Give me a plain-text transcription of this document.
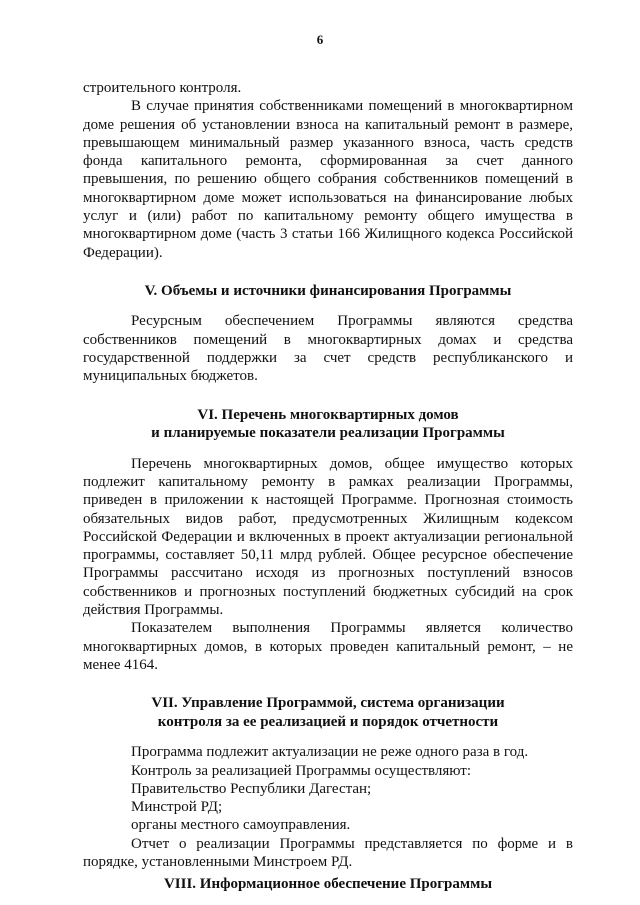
6

строительного контроля.

В случае принятия собственниками помещений в многоквартирном доме решения об установлении взноса на капитальный ремонт в размере, превышающем минимальный размер указанного взноса, часть средств фонда капитального ремонта, сформированная за счет данного превышения, по решению общего собрания собственников помещений в многоквартирном доме может использоваться на финансирование любых услуг и (или) работ по капитальному ремонту общего имущества в многоквартирном доме (часть 3 статьи 166 Жилищного кодекса Российской Федерации).

V. Объемы и источники финансирования Программы

Ресурсным обеспечением Программы являются средства собственников помещений в многоквартирных домах и средства государственной поддержки за счет средств республиканского и муниципальных бюджетов.

VI. Перечень многоквартирных домов

и планируемые показатели реализации Программы

Перечень многоквартирных домов, общее имущество которых подлежит капитальному ремонту в рамках реализации Программы, приведен в приложении к настоящей Программе. Прогнозная стоимость обязательных видов работ, предусмотренных Жилищным кодексом Российской Федерации и включенных в проект актуализации региональной программы, составляет 50,11 млрд рублей. Общее ресурсное обеспечение Программы рассчитано исходя из прогнозных поступлений взносов собственников и прогнозных поступлений бюджетных субсидий на срок действия Программы.

Показателем выполнения Программы является количество многоквартирных домов, в которых проведен капитальный ремонт, – не менее 4164.

VII. Управление Программой, система организации

контроля за ее реализацией и порядок отчетности

Программа подлежит актуализации не реже одного раза в год.

Контроль за реализацией Программы осуществляют:

Правительство Республики Дагестан;

Минстрой РД;

органы местного самоуправления.

Отчет о реализации Программы представляется по форме и в порядке, установленными Минстроем РД.

VIII. Информационное обеспечение Программы
